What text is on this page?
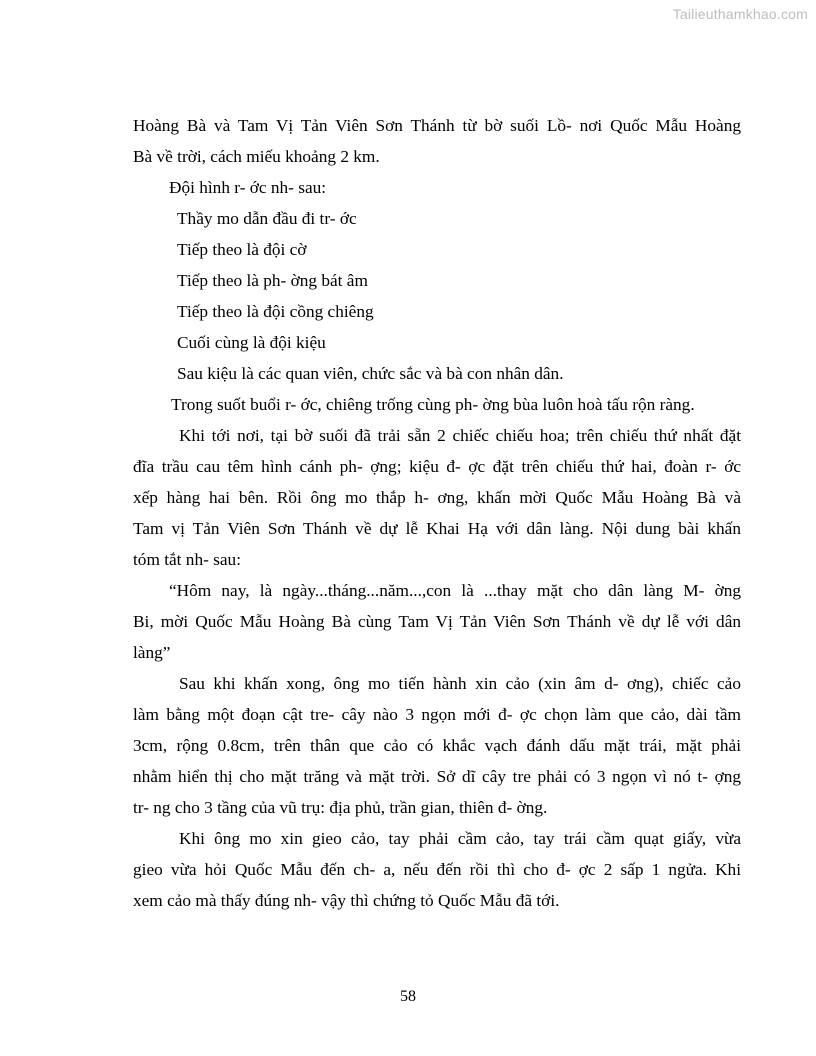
Tailieuthamkhao.com
Hoàng Bà và Tam Vị Tản Viên Sơn Thánh từ bờ suối Lồ- nơi Quốc Mẫu Hoàng
Bà về trời, cách miếu khoảng 2 km.
Đội hình r- ớc nh- sau:
Thầy mo dẫn đầu đi tr- ớc
Tiếp theo là đội cờ
Tiếp theo là ph- ờng bát âm
Tiếp theo là đội cồng chiêng
Cuối cùng là đội kiệu
Sau kiệu là các quan viên, chức sắc và bà con nhân dân.
Trong suốt buổi r- ớc, chiêng trống cùng ph- ờng bùa luôn hoà tấu rộn ràng.
Khi tới nơi, tại bờ suối đã trải sẵn 2 chiếc chiếu hoa; trên chiếu thứ nhất đặt
đĩa trầu cau têm hình cánh ph- ợng; kiệu đ- ợc đặt trên chiếu thứ hai, đoàn r- ớc
xếp hàng hai bên. Rồi ông mo thắp h- ơng, khấn mời Quốc Mẫu Hoàng Bà và
Tam vị Tản Viên Sơn Thánh về dự lễ Khai Hạ với dân làng. Nội dung bài khấn
tóm tắt nh- sau:
“Hôm nay, là ngày...tháng...năm...,con là ...thay mặt cho dân làng M- ờng
Bi, mời Quốc Mẫu Hoàng Bà cùng Tam Vị Tản Viên Sơn Thánh về dự lễ với dân
làng”
Sau khi khấn xong, ông mo tiến hành xin cảo (xin âm d- ơng), chiếc cảo
làm bằng một đoạn cật tre- cây nào 3 ngọn mới đ- ợc chọn làm que cảo, dài tầm
3cm, rộng 0.8cm, trên thân que cảo có khắc vạch đánh dấu mặt trái, mặt phải
nhằm hiển thị cho mặt trăng và mặt trời. Sở dĩ cây tre phải có 3 ngọn vì nó t- ợng
tr- ng cho 3 tầng của vũ trụ: địa phủ, trần gian, thiên đ- ờng.
Khi ông mo xin gieo cảo, tay phải cầm cảo, tay trái cầm quạt giấy, vừa
gieo vừa hỏi Quốc Mẫu đến ch- a, nếu đến rồi thì cho đ- ợc 2 sấp 1 ngửa. Khi
xem cảo mà thấy đúng nh- vậy thì chứng tỏ Quốc Mẫu đã tới.
58
